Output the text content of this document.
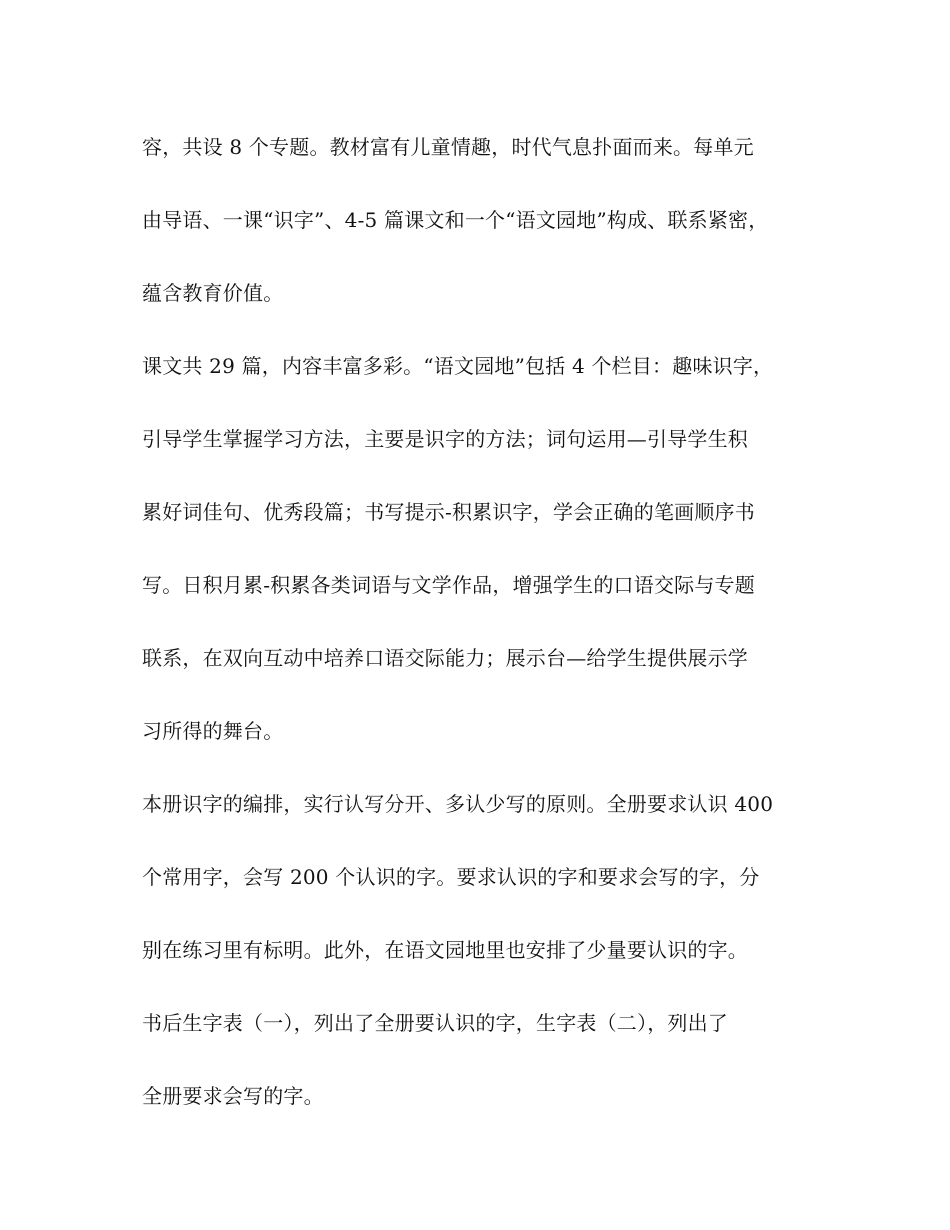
容，共设 8 个专题。教材富有儿童情趣，时代气息扑面而来。每单元
由导语、一课“识字”、4-5 篇课文和一个“语文园地”构成、联系紧密，
蕴含教育价值。
课文共 29 篇，内容丰富多彩。“语文园地”包括 4 个栏目：趣味识字，
引导学生掌握学习方法，主要是识字的方法；词句运用—引导学生积
累好词佳句、优秀段篇；书写提示-积累识字，学会正确的笔画顺序书
写。日积月累-积累各类词语与文学作品，增强学生的口语交际与专题
联系，在双向互动中培养口语交际能力；展示台—给学生提供展示学
习所得的舞台。
本册识字的编排，实行认写分开、多认少写的原则。全册要求认识 400
个常用字，会写 200 个认识的字。要求认识的字和要求会写的字，分
别在练习里有标明。此外，在语文园地里也安排了少量要认识的字。
书后生字表（一），列出了全册要认识的字，生字表（二），列出了
全册要求会写的字。
